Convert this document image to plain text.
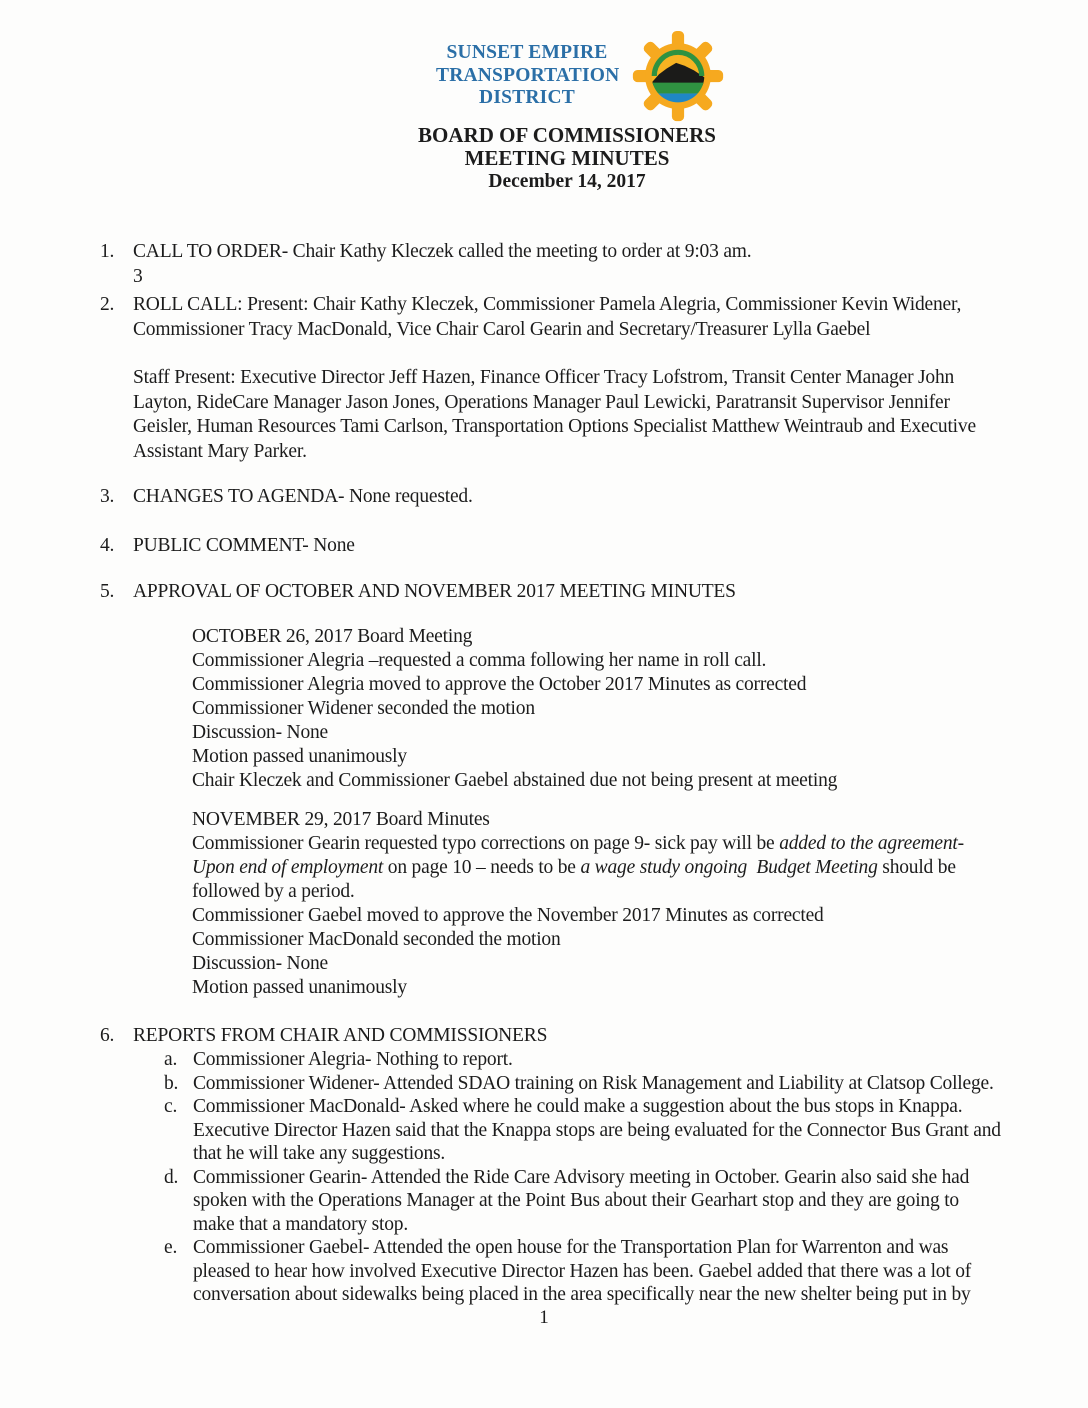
SUNSET EMPIRE
TRANSPORTATION
DISTRICT
BOARD OF COMMISSIONERS
MEETING MINUTES
December 14, 2017
1. CALL TO ORDER- Chair Kathy Kleczek called the meeting to order at 9:03 am.
3
2. ROLL CALL: Present: Chair Kathy Kleczek, Commissioner Pamela Alegria, Commissioner Kevin Widener,
Commissioner Tracy MacDonald, Vice Chair Carol Gearin and Secretary/Treasurer Lylla Gaebel
Staff Present: Executive Director Jeff Hazen, Finance Officer Tracy Lofstrom, Transit Center Manager John
Layton, RideCare Manager Jason Jones, Operations Manager Paul Lewicki, Paratransit Supervisor Jennifer
Geisler, Human Resources Tami Carlson, Transportation Options Specialist Matthew Weintraub and Executive
Assistant Mary Parker.
3. CHANGES TO AGENDA- None requested.
4. PUBLIC COMMENT- None
5. APPROVAL OF OCTOBER AND NOVEMBER 2017 MEETING MINUTES
OCTOBER 26, 2017 Board Meeting
Commissioner Alegria –requested a comma following her name in roll call.
Commissioner Alegria moved to approve the October 2017 Minutes as corrected
Commissioner Widener seconded the motion
Discussion- None
Motion passed unanimously
Chair Kleczek and Commissioner Gaebel abstained due not being present at meeting
NOVEMBER 29, 2017 Board Minutes
Commissioner Gearin requested typo corrections on page 9- sick pay will be added to the agreement-
Upon end of employment on page 10 – needs to be a wage study ongoing  Budget Meeting should be
followed by a period.
Commissioner Gaebel moved to approve the November 2017 Minutes as corrected
Commissioner MacDonald seconded the motion
Discussion- None
Motion passed unanimously
6. REPORTS FROM CHAIR AND COMMISSIONERS
a. Commissioner Alegria- Nothing to report.
b. Commissioner Widener- Attended SDAO training on Risk Management and Liability at Clatsop College.
c. Commissioner MacDonald- Asked where he could make a suggestion about the bus stops in Knappa.
Executive Director Hazen said that the Knappa stops are being evaluated for the Connector Bus Grant and
that he will take any suggestions.
d. Commissioner Gearin- Attended the Ride Care Advisory meeting in October. Gearin also said she had
spoken with the Operations Manager at the Point Bus about their Gearhart stop and they are going to
make that a mandatory stop.
e. Commissioner Gaebel- Attended the open house for the Transportation Plan for Warrenton and was
pleased to hear how involved Executive Director Hazen has been. Gaebel added that there was a lot of
conversation about sidewalks being placed in the area specifically near the new shelter being put in by
1
